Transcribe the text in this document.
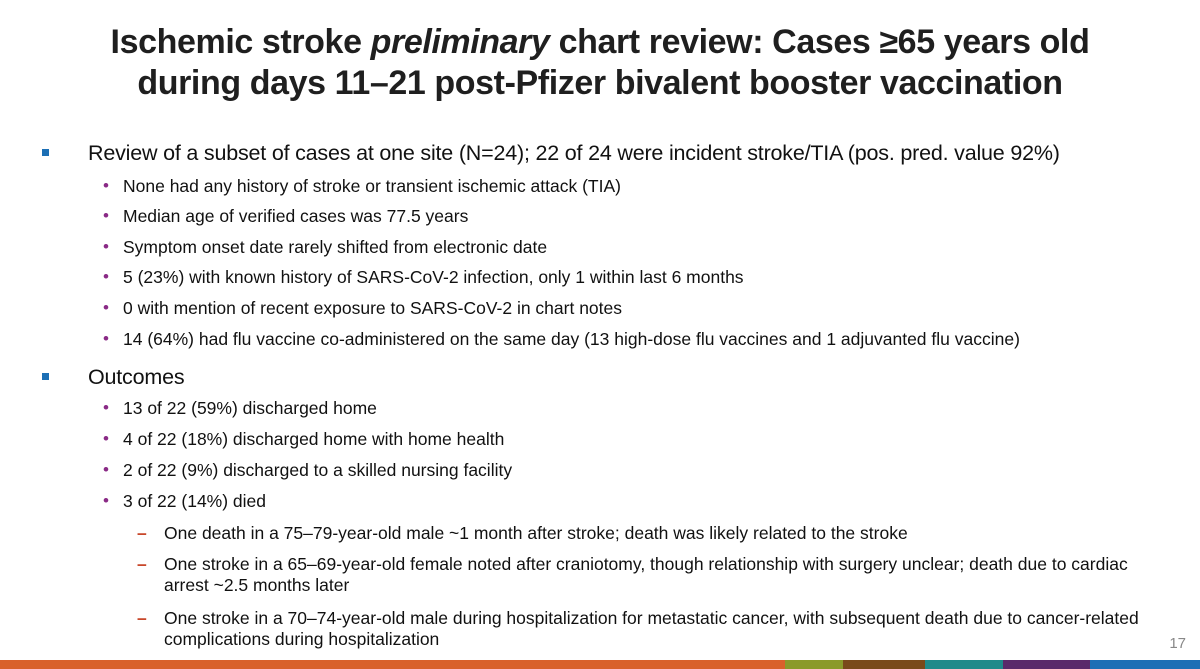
Ischemic stroke preliminary chart review: Cases ≥65 years old
during days 11–21 post-Pfizer bivalent booster vaccination
Review of a subset of cases at one site (N=24); 22 of 24 were incident stroke/TIA (pos. pred. value 92%)
• None had any history of stroke or transient ischemic attack (TIA)
• Median age of verified cases was 77.5 years
• Symptom onset date rarely shifted from electronic date
• 5 (23%) with known history of SARS-CoV-2 infection, only 1 within last 6 months
• 0 with mention of recent exposure to SARS-CoV-2 in chart notes
• 14 (64%) had flu vaccine co-administered on the same day (13 high-dose flu vaccines and 1 adjuvanted flu vaccine)
Outcomes
• 13 of 22 (59%) discharged home
• 4 of 22 (18%) discharged home with home health
• 2 of 22 (9%) discharged to a skilled nursing facility
• 3 of 22 (14%) died
– One death in a 75–79-year-old male ~1 month after stroke; death was likely related to the stroke
– One stroke in a 65–69-year-old female noted after craniotomy, though relationship with surgery unclear; death due to cardiac arrest ~2.5 months later
– One stroke in a 70–74-year-old male during hospitalization for metastatic cancer, with subsequent death due to cancer-related complications during hospitalization	17
